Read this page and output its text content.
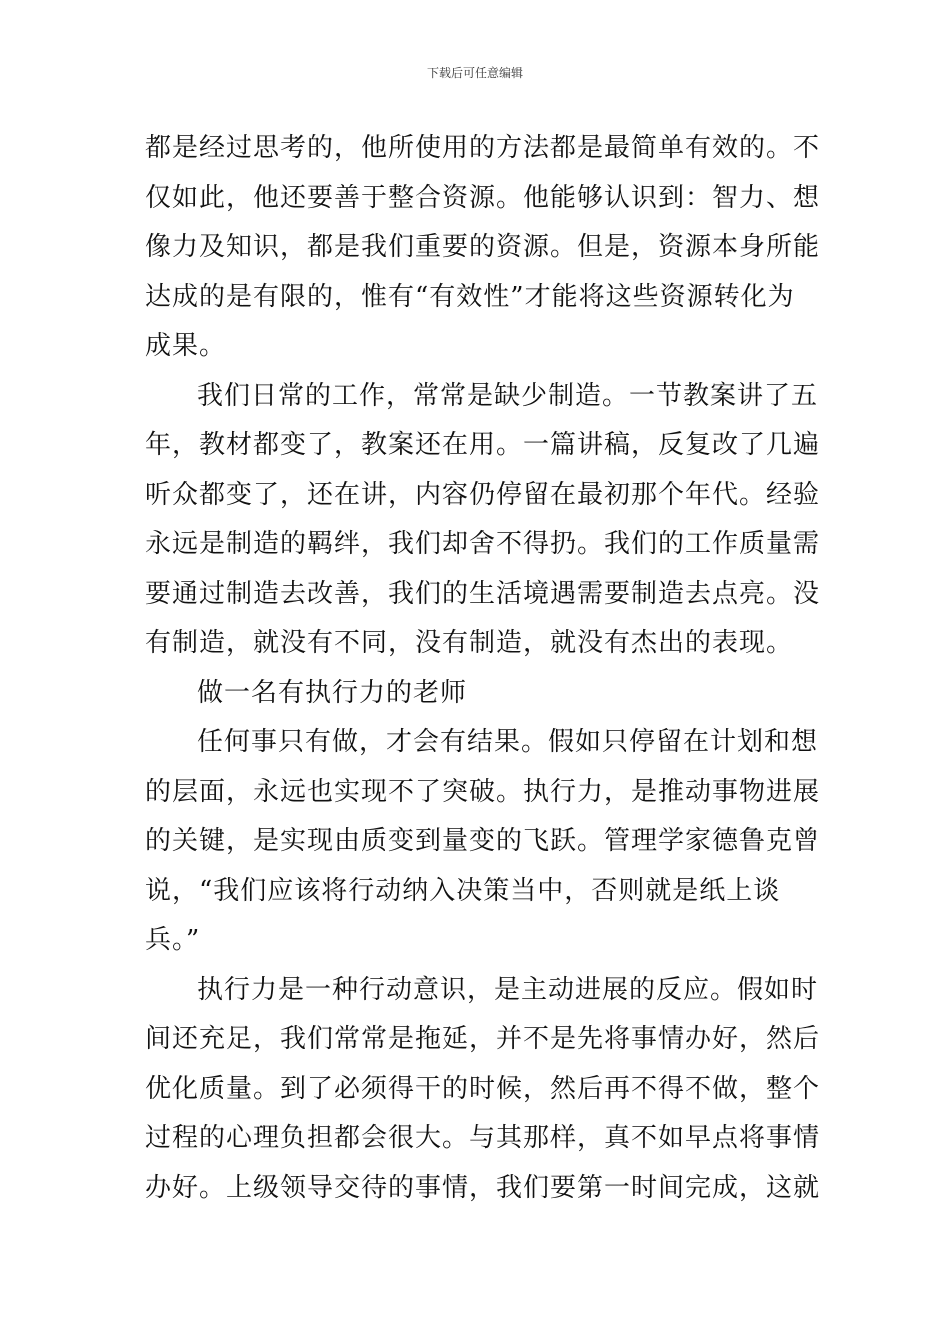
下载后可任意编辑

都是经过思考的，他所使用的方法都是最简单有效的。不
仅如此，他还要善于整合资源。他能够认识到：智力、想
像力及知识，都是我们重要的资源。但是，资源本身所能
达成的是有限的，惟有“有效性”才能将这些资源转化为
成果。

我们日常的工作，常常是缺少制造。一节教案讲了五
年，教材都变了，教案还在用。一篇讲稿，反复改了几遍
听众都变了，还在讲，内容仍停留在最初那个年代。经验
永远是制造的羁绊，我们却舍不得扔。我们的工作质量需
要通过制造去改善，我们的生活境遇需要制造去点亮。没
有制造，就没有不同，没有制造，就没有杰出的表现。

做一名有执行力的老师

任何事只有做，才会有结果。假如只停留在计划和想
的层面，永远也实现不了突破。执行力，是推动事物进展
的关键，是实现由质变到量变的飞跃。管理学家德鲁克曾
说，“我们应该将行动纳入决策当中，否则就是纸上谈
兵。”

执行力是一种行动意识，是主动进展的反应。假如时
间还充足，我们常常是拖延，并不是先将事情办好，然后
优化质量。到了必须得干的时候，然后再不得不做，整个
过程的心理负担都会很大。与其那样，真不如早点将事情
办好。上级领导交待的事情，我们要第一时间完成，这就
